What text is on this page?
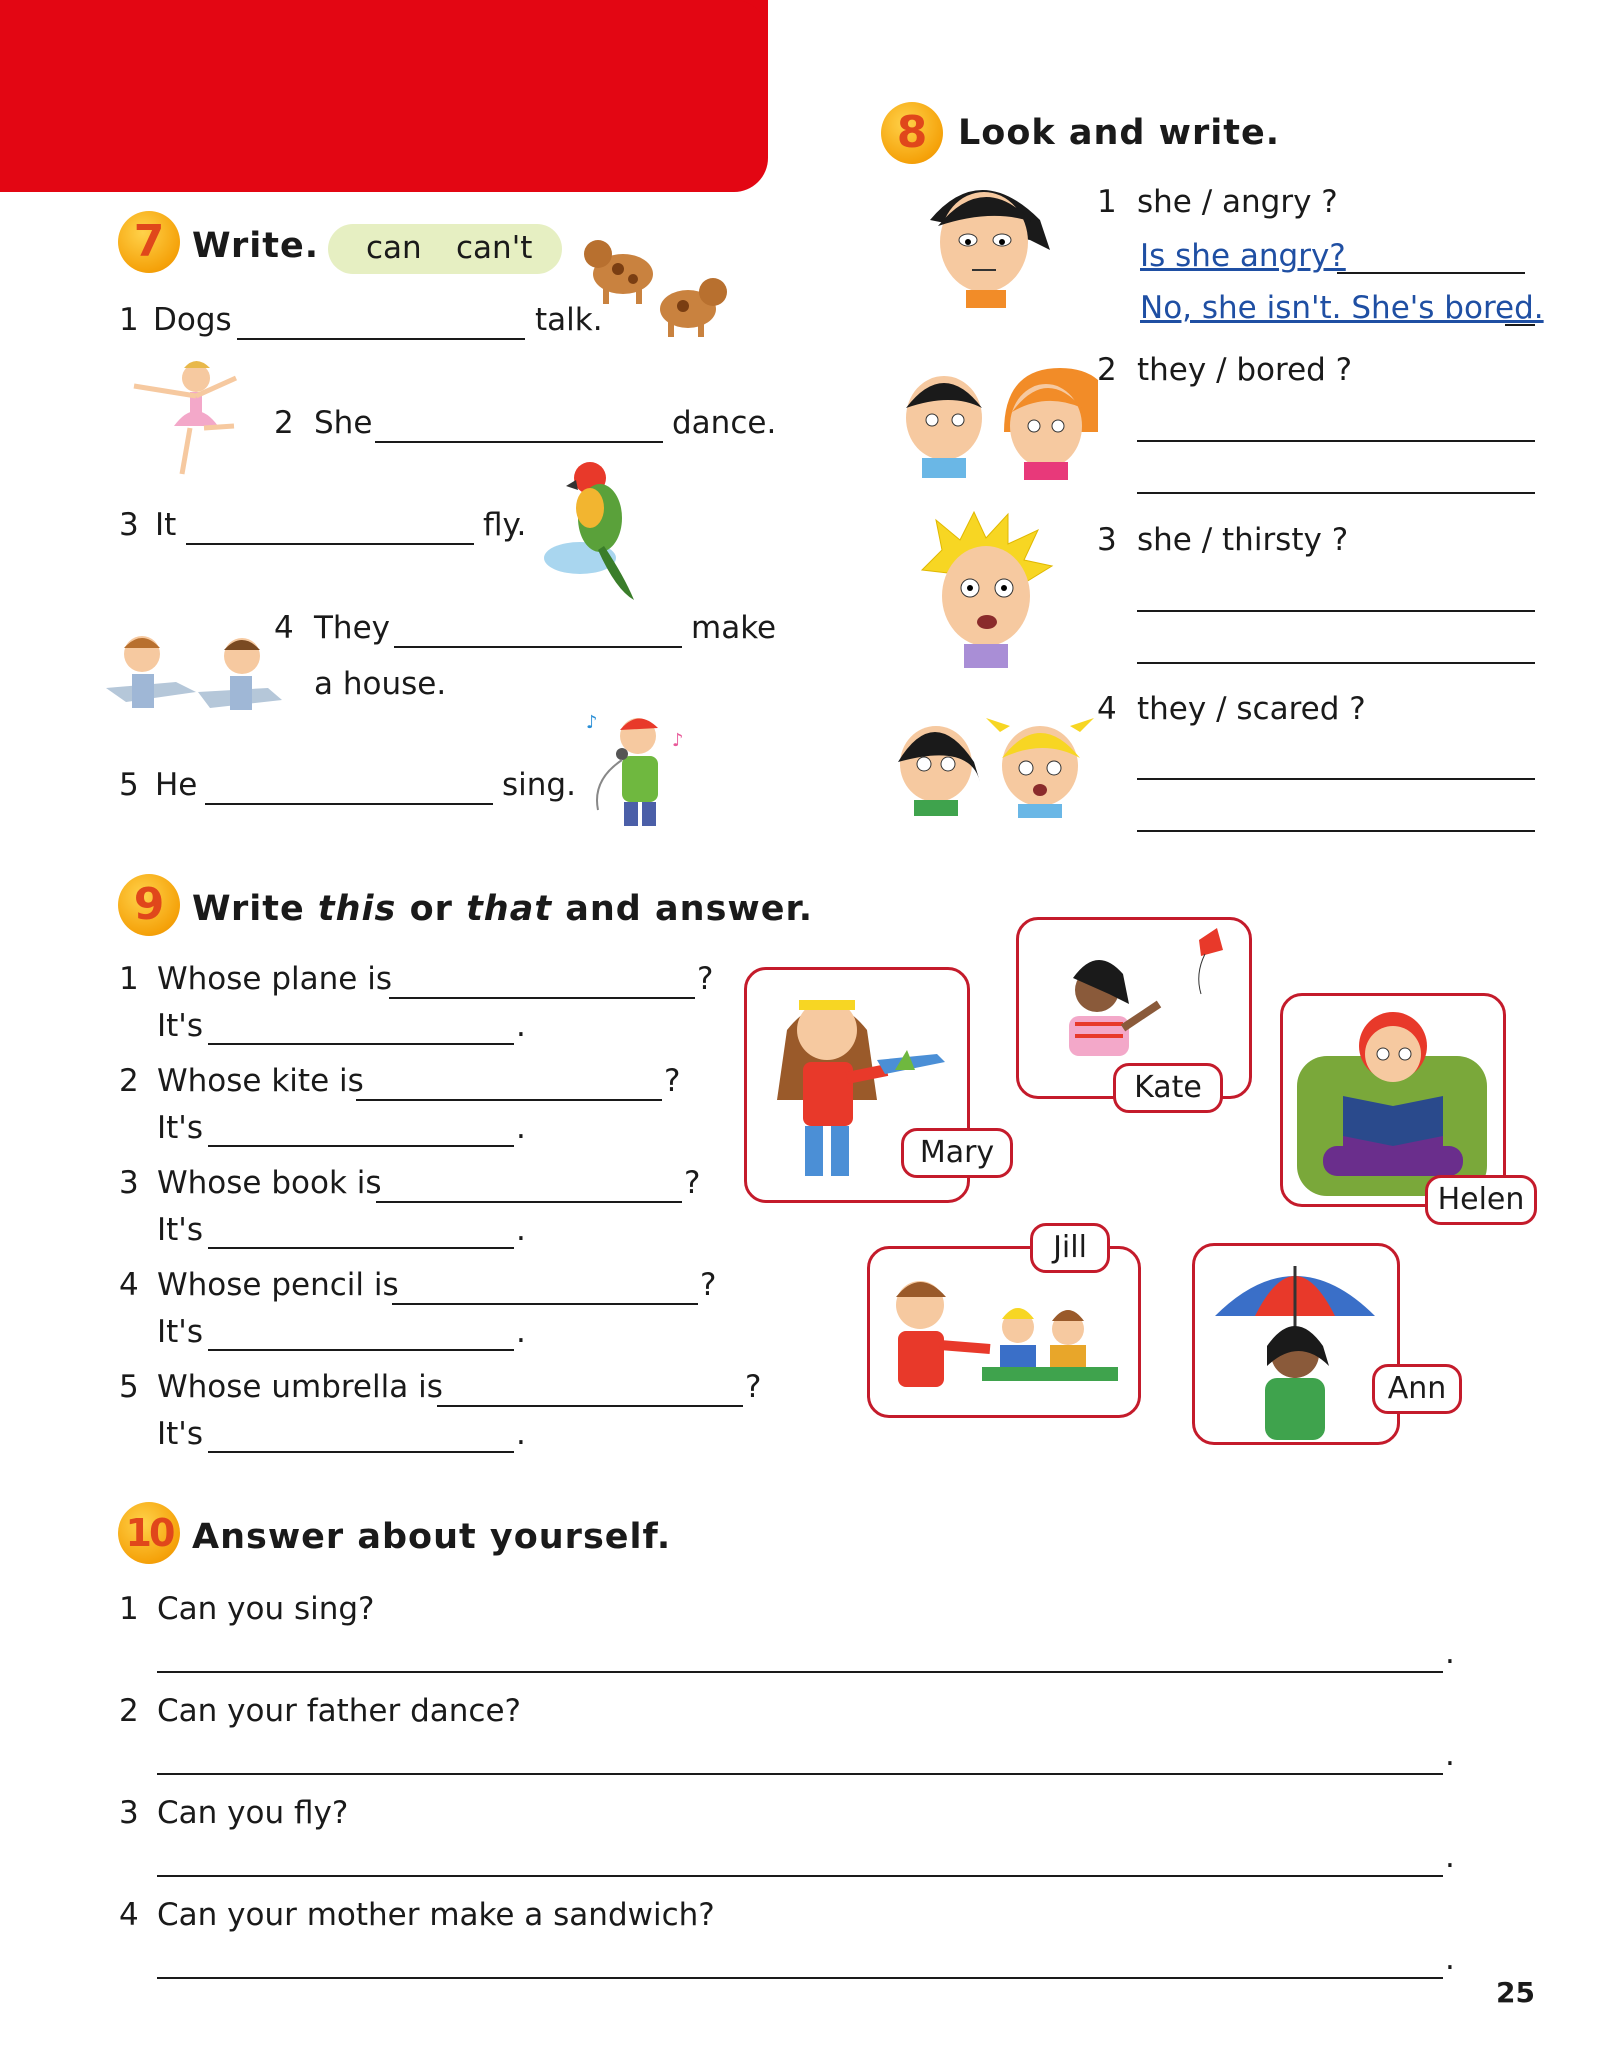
7 Write. can can't
1 Dogs	talk.
2 She	dance.
3 It	fly.
4 They	make
a house.
♪
♪
5 He	sing.
8 Look and write.
1 she / angry ?
Is she angry?
No, she isn't. She's bored.
2 they / bored ?
3 she / thirsty ?
4 they / scared ?
9 Write this or that and answer.
1 Whose plane is	?
It's	.
2 Whose kite is	?
It's	.
3 Whose book is	?
It's	.
4 Whose pencil is	?
It's	.
5 Whose umbrella is	?
It's	.
Mary
Kate
Helen
Jill
Ann
10 Answer about yourself.
1 Can you sing?
.
2 Can your father dance?
.
3 Can you fly?
.
4 Can your mother make a sandwich?
.
25
